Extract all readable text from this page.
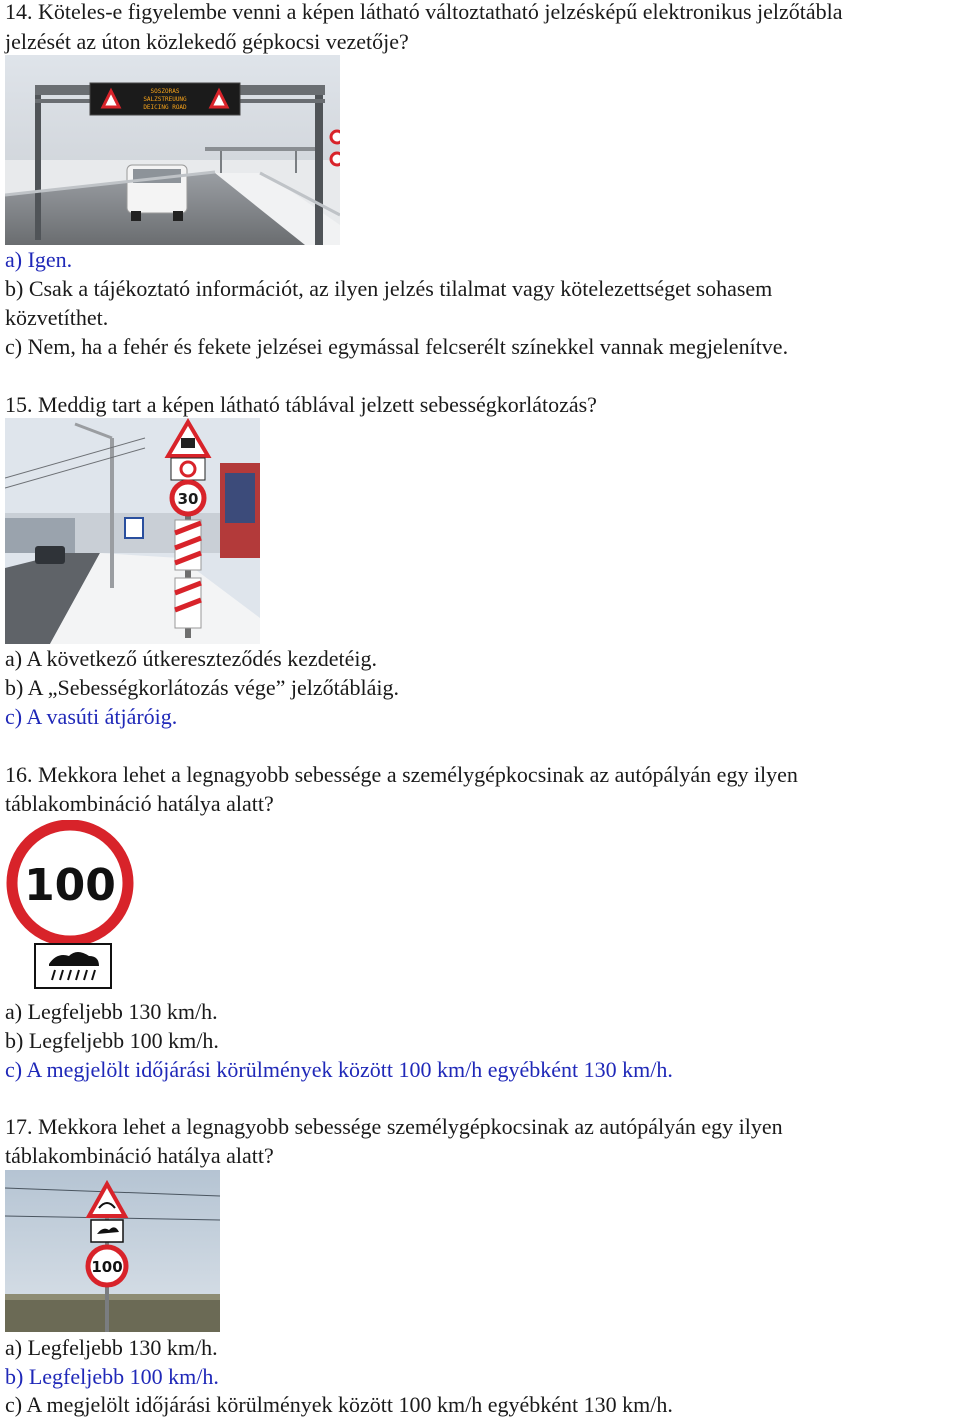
14. Köteles-e figyelembe venni a képen látható változtatható jelzésképű elektronikus jelzőtábla
jelzését az úton közlekedő gépkocsi vezetője?
SOSZORAS
SALZSTREUUNG
DEICING ROAD
a) Igen.
b) Csak a tájékoztató információt, az ilyen jelzés tilalmat vagy kötelezettséget sohasem
közvetíthet.
c) Nem, ha a fehér és fekete jelzései egymással felcserélt színekkel vannak megjelenítve.
15. Meddig tart a képen látható táblával jelzett sebességkorlátozás?
30
a) A következő útkereszteződés kezdetéig.
b) A „Sebességkorlátozás vége” jelzőtábláig.
c) A vasúti átjáróig.
16. Mekkora lehet a legnagyobb sebessége a személygépkocsinak az autópályán egy ilyen
táblakombináció hatálya alatt?
100
a) Legfeljebb 130 km/h.
b) Legfeljebb 100 km/h.
c) A megjelölt időjárási körülmények között 100 km/h egyébként 130 km/h.
17. Mekkora lehet a legnagyobb sebessége személygépkocsinak az autópályán egy ilyen
táblakombináció hatálya alatt?
100
a) Legfeljebb 130 km/h.
b) Legfeljebb 100 km/h.
c) A megjelölt időjárási körülmények között 100 km/h egyébként 130 km/h.
